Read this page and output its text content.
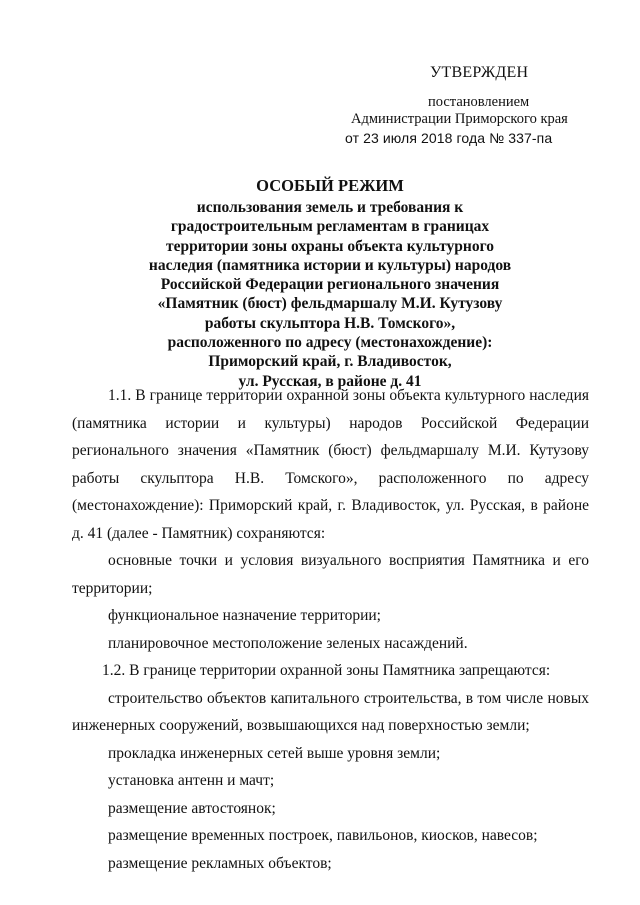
УТВЕРЖДЕН
постановлением
Администрации Приморского края
от 23 июля 2018 года № 337-па
ОСОБЫЙ РЕЖИМ
использования земель и требования к
градостроительным регламентам в границах
территории зоны охраны объекта культурного
наследия (памятника истории и культуры) народов
Российской Федерации регионального значения
«Памятник (бюст) фельдмаршалу М.И. Кутузову
работы скульптора Н.В. Томского»,
расположенного по адресу (местонахождение):
Приморский край, г. Владивосток,
ул. Русская, в районе д. 41

1.1. В границе территории охранной зоны объекта культурного наследия (памятника истории и культуры) народов Российской Федерации регионального значения «Памятник (бюст) фельдмаршалу М.И. Кутузову работы скульптора Н.В. Томского», расположенного по адресу (местонахождение): Приморский край, г. Владивосток, ул. Русская, в районе д. 41 (далее - Памятник) сохраняются:

основные точки и условия визуального восприятия Памятника и его территории;

функциональное назначение территории;

планировочное местоположение зеленых насаждений.

1.2. В границе территории охранной зоны Памятника запрещаются:

строительство объектов капитального строительства, в том числе новых инженерных сооружений, возвышающихся над поверхностью земли;

прокладка инженерных сетей выше уровня земли;

установка антенн и мачт;

размещение автостоянок;

размещение временных построек, павильонов, киосков, навесов;

размещение рекламных объектов;
